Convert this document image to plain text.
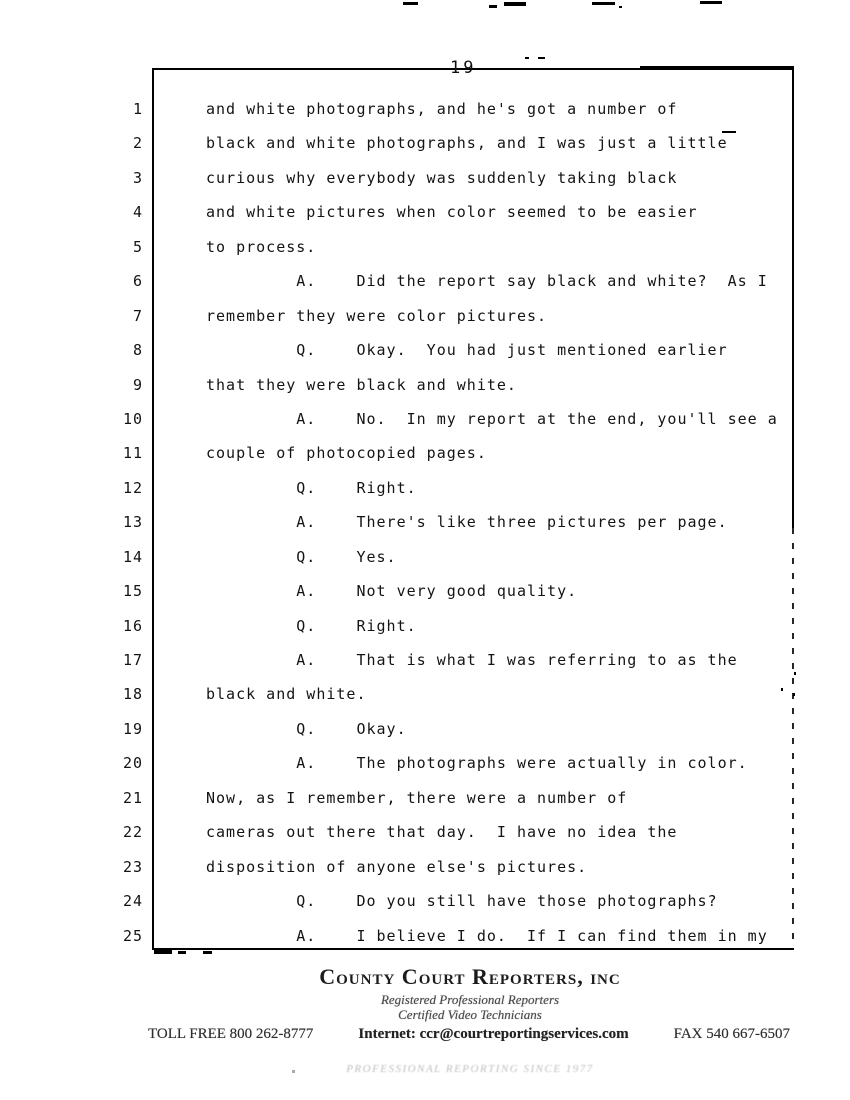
19
1	and white photographs, and he's got a number of
2	black and white photographs, and I was just a little
3	curious why everybody was suddenly taking black
4	and white pictures when color seemed to be easier
5	to process.
6	A.    Did the report say black and white?  As I
7	remember they were color pictures.
8	Q.    Okay.  You had just mentioned earlier
9	that they were black and white.
10	A.    No.  In my report at the end, you'll see a
11	couple of photocopied pages.
12	Q.    Right.
13	A.    There's like three pictures per page.
14	Q.    Yes.
15	A.    Not very good quality.
16	Q.    Right.
17	A.    That is what I was referring to as the
18	black and white.
19	Q.    Okay.
20	A.    The photographs were actually in color.
21	Now, as I remember, there were a number of
22	cameras out there that day.  I have no idea the
23	disposition of anyone else's pictures.
24	Q.    Do you still have those photographs?
25	A.    I believe I do.  If I can find them in my
County Court Reporters, inc
Registered Professional Reporters
Certified Video Technicians
TOLL FREE 800 262-8777	Internet: ccr@courtreportingservices.com	FAX 540 667-6507
PROFESSIONAL REPORTING SINCE 1977
